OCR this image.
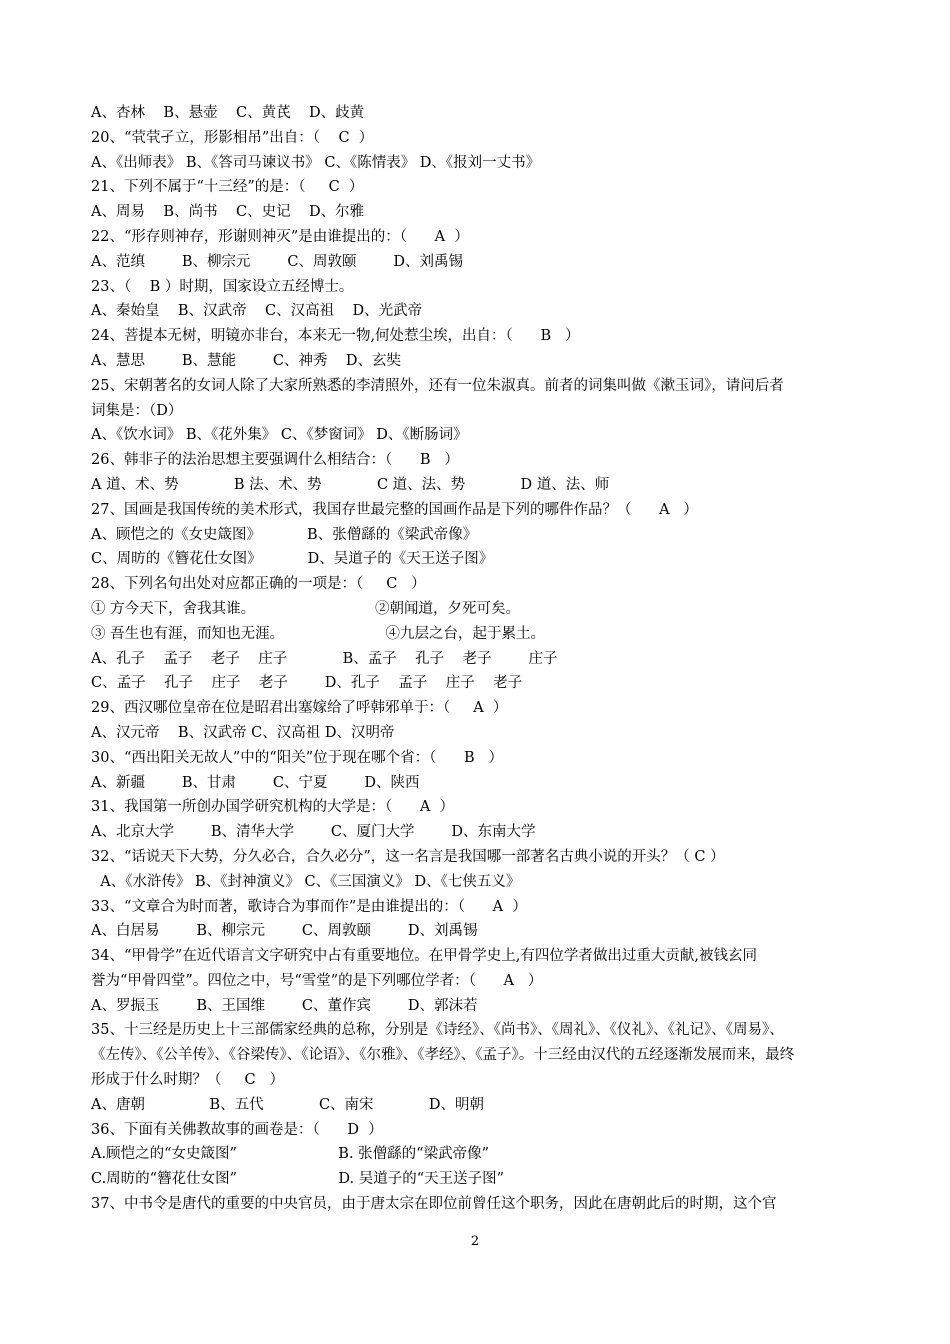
A、杏林    B、悬壶    C、黄芪    D、歧黄
20、“茕茕孑立，形影相吊”出自：（    C  ）
A、《出师表》 B、《答司马谏议书》 C、《陈情表》 D、《报刘一丈书》
21、下列不属于“十三经”的是：（     C  ）
A、周易    B、尚书    C、史记    D、尔雅
22、“形存则神存，形谢则神灭”是由谁提出的：（      A  ）
A、范缜        B、柳宗元        C、周敦颐        D、刘禹锡
23、（    B ）时期，国家设立五经博士。
A、秦始皇    B、汉武帝    C、汉高祖    D、光武帝
24、菩提本无树，明镜亦非台，本来无一物,何处惹尘埃，出自：（      B   ）
A、慧思        B、慧能        C、神秀    D、玄奘
25、宋朝著名的女词人除了大家所熟悉的李清照外，还有一位朱淑真。前者的词集叫做《漱玉词》，请问后者
词集是：（D）
A、《饮水词》 B、《花外集》 C、《梦窗词》 D、《断肠词》
26、韩非子的法治思想主要强调什么相结合：（      B   ）
A 道、术、势            B 法、术、势            C 道、法、势            D 道、法、师
27、国画是我国传统的美术形式，我国存世最完整的国画作品是下列的哪件作品？（      A   ）
A、顾恺之的《女史箴图》          B、张僧繇的《梁武帝像》
C、周昉的《簪花仕女图》          D、吴道子的《天王送子图》
28、下列名句出处对应都正确的一项是：（     C   ）
① 方今天下，舍我其谁。                          ②朝闻道，夕死可矣。
③ 吾生也有涯，而知也无涯。                      ④九层之台，起于累土。
A、孔子    孟子    老子    庄子            B、孟子    孔子    老子        庄子
C、孟子    孔子    庄子    老子        D、孔子    孟子    庄子    老子
29、西汉哪位皇帝在位是昭君出塞嫁给了呼韩邪单于：（     A  ）
A、汉元帝    B、汉武帝 C、汉高祖 D、汉明帝
30、“西出阳关无故人”中的“阳关”位于现在哪个省：（      B   ）
A、新疆        B、甘肃        C、宁夏        D、陕西
31、我国第一所创办国学研究机构的大学是：（      A  ）
A、北京大学        B、清华大学        C、厦门大学        D、东南大学
32、“话说天下大势，分久必合，合久必分”，这一名言是我国哪一部著名古典小说的开头？（ C ）
A、《水浒传》 B、《封神演义》 C、《三国演义》 D、《七侠五义》
33、“文章合为时而著，歌诗合为事而作”是由谁提出的：（      A  ）
A、白居易        B、柳宗元        C、周敦颐        D、刘禹锡
34、“甲骨学”在近代语言文字研究中占有重要地位。在甲骨学史上,有四位学者做出过重大贡献,被钱玄同
誉为“甲骨四堂”。四位之中，号“雪堂”的是下列哪位学者：（      A   ）
A、罗振玉        B、王国维        C、董作宾        D、郭沫若
35、十三经是历史上十三部儒家经典的总称，分别是《诗经》、《尚书》、《周礼》、《仪礼》、《礼记》、《周易》、
《左传》、《公羊传》、《谷梁传》、《论语》、《尔雅》、《孝经》、《孟子》。十三经由汉代的五经逐渐发展而来，最终
形成于什么时期？（     C   ）
A、唐朝              B、五代            C、南宋            D、明朝
36、下面有关佛教故事的画卷是：（      D  ）
A.顾恺之的“女史箴图”                      B. 张僧繇的“梁武帝像”
C.周昉的“簪花仕女图”                      D. 吴道子的“天王送子图”
37、中书令是唐代的重要的中央官员，由于唐太宗在即位前曾任这个职务，因此在唐朝此后的时期，这个官
2
